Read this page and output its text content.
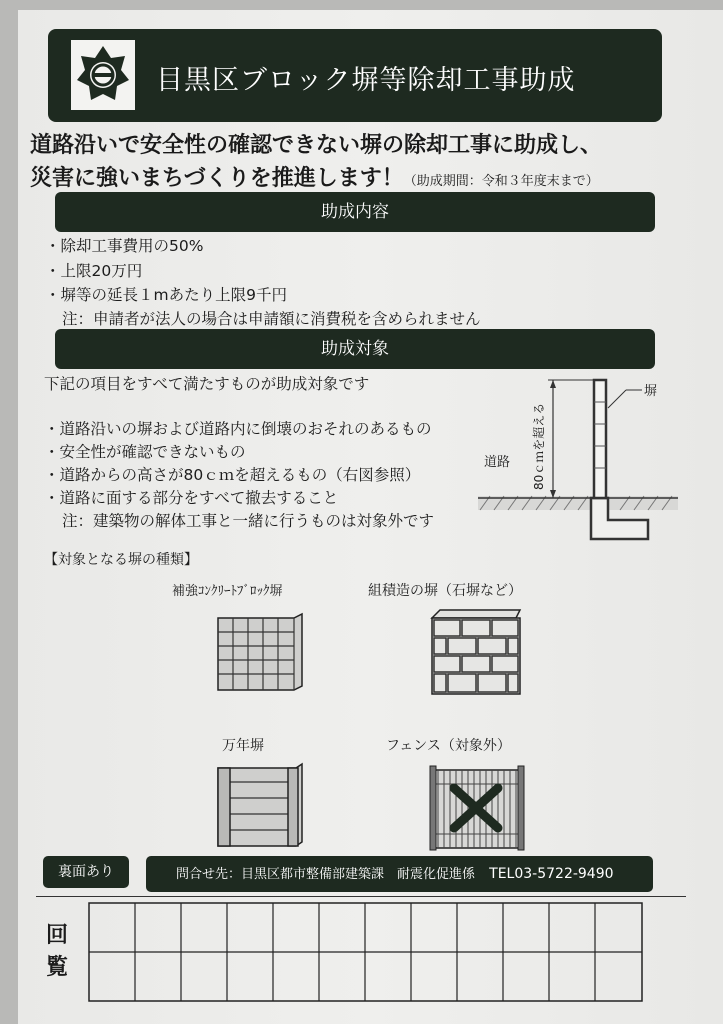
目黒区ブロック塀等除却工事助成
道路沿いで安全性の確認できない塀の除却工事に助成し、
災害に強いまちづくりを推進します！（助成期間：令和３年度末まで）
助成内容
・除却工事費用の50%
・上限20万円
・塀等の延長１mあたり上限9千円
注：申請者が法人の場合は申請額に消費税を含められません
助成対象
下記の項目をすべて満たすものが助成対象です
・道路沿いの塀および道路内に倒壊のおそれのあるもの
・安全性が確認できないもの
・道路からの高さが80ｃｍを超えるもの（右図参照）
・道路に面する部分をすべて撤去すること
注：建築物の解体工事と一緒に行うものは対象外です
80ｃｍを超える
塀
道路
【対象となる塀の種類】
補強ｺﾝｸﾘｰﾄﾌﾞﾛｯｸ塀	組積造の塀（石塀など）
万年塀	フェンス（対象外）
裏面あり	問合せ先：目黒区都市整備部建築課　耐震化促進係 TEL03-5722-9490
回
覧
